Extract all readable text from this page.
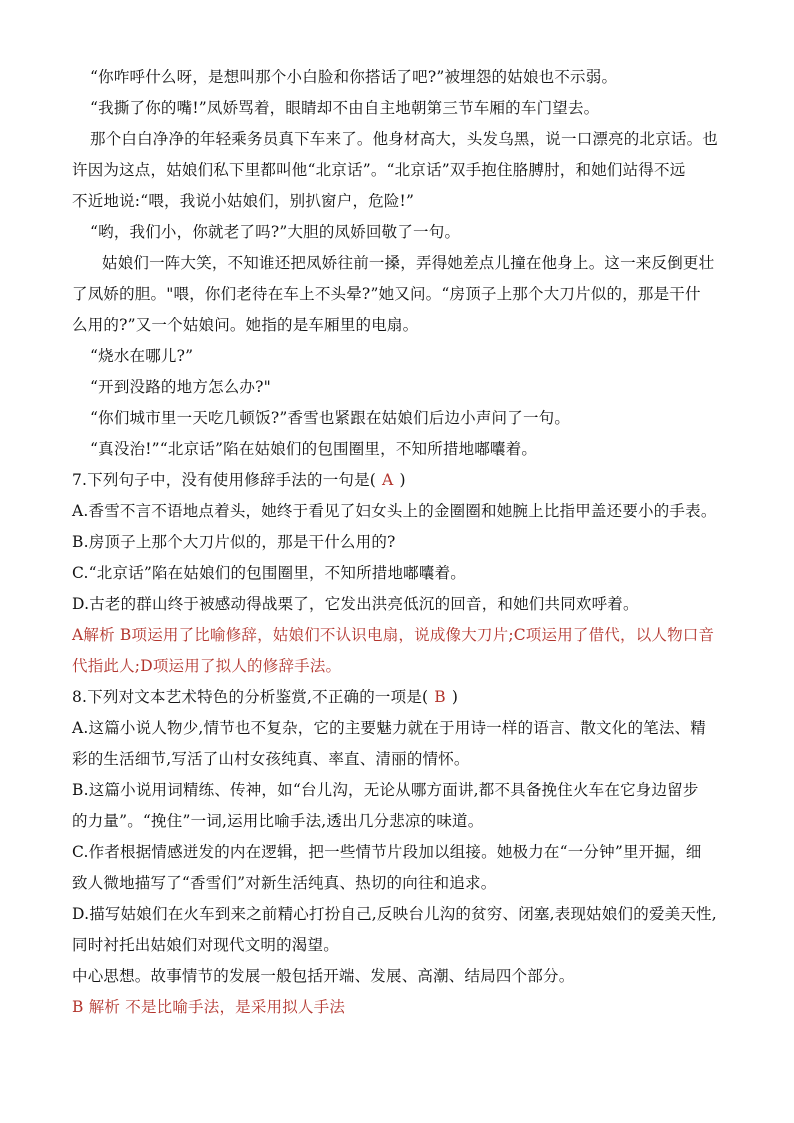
“你咋呼什么呀，是想叫那个小白脸和你搭话了吧?”被埋怨的姑娘也不示弱。
“我撕了你的嘴!”凤娇骂着，眼睛却不由自主地朝第三节车厢的车门望去。
那个白白净净的年轻乘务员真下车来了。他身材高大，头发乌黑，说一口漂亮的北京话。也
许因为这点，姑娘们私下里都叫他“北京话”。“北京话”双手抱住胳膊肘，和她们站得不远
不近地说:“喂，我说小姑娘们，别扒窗户，危险!”
“哟，我们小，你就老了吗?”大胆的凤娇回敬了一句。
姑娘们一阵大笑，不知谁还把凤娇往前一搡，弄得她差点儿撞在他身上。这一来反倒更壮
了凤娇的胆。"喂，你们老待在车上不头晕?”她又问。“房顶子上那个大刀片似的，那是干什
么用的?”又一个姑娘问。她指的是车厢里的电扇。
“烧水在哪儿?”
“开到没路的地方怎么办?"
“你们城市里一天吃几顿饭?”香雪也紧跟在姑娘们后边小声问了一句。
“真没治!”“北京话”陷在姑娘们的包围圈里，不知所措地嘟囔着。
7.下列句子中，没有使用修辞手法的一句是( A )
A.香雪不言不语地点着头，她终于看见了妇女头上的金圈圈和她腕上比指甲盖还要小的手表。
B.房顶子上那个大刀片似的，那是干什么用的?
C.“北京话”陷在姑娘们的包围圈里，不知所措地嘟囔着。
D.古老的群山终于被感动得战栗了，它发出洪亮低沉的回音，和她们共同欢呼着。
A解析 B项运用了比喻修辞，姑娘们不认识电扇，说成像大刀片;C项运用了借代，以人物口音
代指此人;D项运用了拟人的修辞手法。
8.下列对文本艺术特色的分析鉴赏,不正确的一项是( B )
A.这篇小说人物少,情节也不复杂，它的主要魅力就在于用诗一样的语言、散文化的笔法、精
彩的生活细节,写活了山村女孩纯真、率直、清丽的情怀。
B.这篇小说用词精练、传神，如“台儿沟，无论从哪方面讲,都不具备挽住火车在它身边留步
的力量”。“挽住”一词,运用比喻手法,透出几分悲凉的味道。
C.作者根据情感迸发的内在逻辑，把一些情节片段加以组接。她极力在“一分钟”里开掘，细
致人微地描写了“香雪们”对新生活纯真、热切的向往和追求。
D.描写姑娘们在火车到来之前精心打扮自己,反映台儿沟的贫穷、闭塞,表现姑娘们的爱美天性,
同时衬托出姑娘们对现代文明的渴望。
中心思想。故事情节的发展一般包括开端、发展、高潮、结局四个部分。
B 解析 不是比喻手法，是采用拟人手法
